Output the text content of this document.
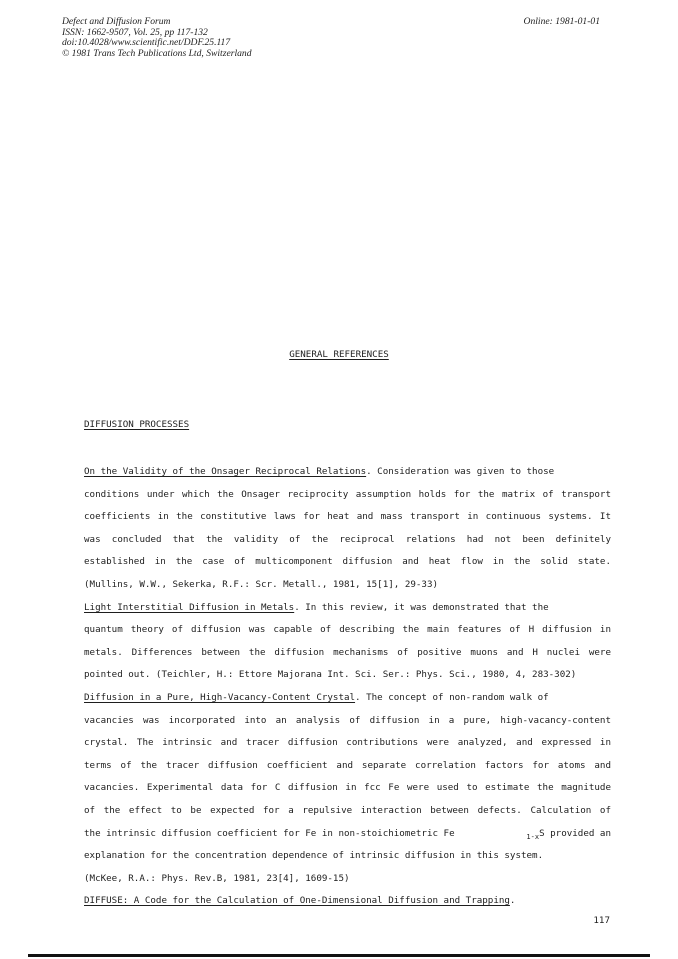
Defect and Diffusion Forum
ISSN: 1662-9507, Vol. 25, pp 117-132
doi:10.4028/www.scientific.net/DDF.25.117
© 1981 Trans Tech Publications Ltd, Switzerland
Online: 1981-01-01
GENERAL REFERENCES
DIFFUSION PROCESSES
On the Validity of the Onsager Reciprocal Relations. Consideration was given to those
conditions under which the Onsager reciprocity assumption holds for the matrix of transport
coefficients in the constitutive laws for heat and mass transport in continuous systems. It
was concluded that the validity of the reciprocal relations had not been definitely
established in the case of multicomponent diffusion and heat flow in the solid state.
(Mullins, W.W., Sekerka, R.F.: Scr. Metall., 1981, 15[1], 29-33)
Light Interstitial Diffusion in Metals. In this review, it was demonstrated that the
quantum theory of diffusion was capable of describing the main features of H diffusion in
metals. Differences between the diffusion mechanisms of positive muons and H nuclei were
pointed out. (Teichler, H.: Ettore Majorana Int. Sci. Ser.: Phys. Sci., 1980, 4, 283-302)
Diffusion in a Pure, High-Vacancy-Content Crystal. The concept of non-random walk of
vacancies was incorporated into an analysis of diffusion in a pure, high-vacancy-content
crystal. The intrinsic and tracer diffusion contributions were analyzed, and expressed in
terms of the tracer diffusion coefficient and separate correlation factors for atoms and
vacancies. Experimental data for C diffusion in fcc Fe were used to estimate the magnitude
of the effect to be expected for a repulsive interaction between defects. Calculation of
the intrinsic diffusion coefficient for Fe in non-stoichiometric Fe	$_{1-x}$S provided an
explanation for the concentration dependence of intrinsic diffusion in this system.
(McKee, R.A.: Phys. Rev.B, 1981, 23[4], 1609-15)
DIFFUSE: A Code for the Calculation of One-Dimensional Diffusion and Trapping.
117
